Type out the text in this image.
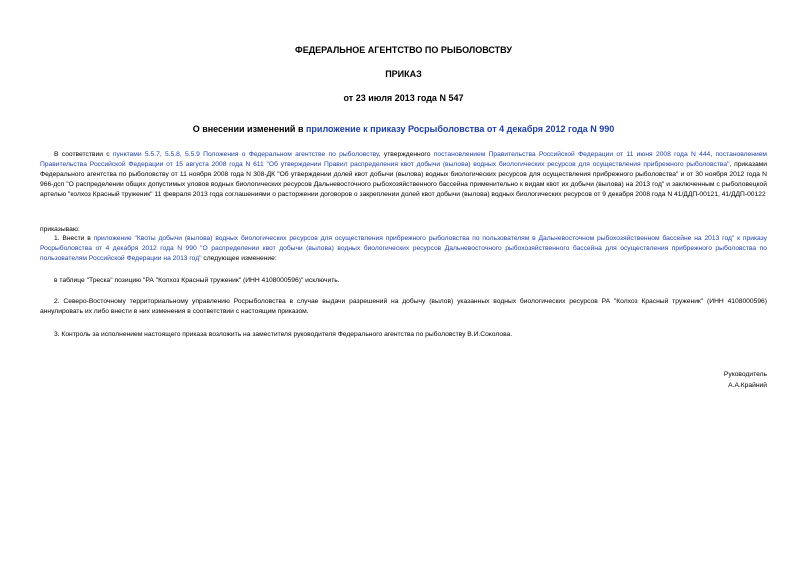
ФЕДЕРАЛЬНОЕ АГЕНТСТВО ПО РЫБОЛОВСТВУ
ПРИКАЗ
от 23 июля 2013 года N 547
О внесении изменений в приложение к приказу Росрыболовства от 4 декабря 2012 года N 990
В соответствии с пунктами 5.5.7, 5.5.8, 5.5.9 Положения о Федеральном агентстве по рыболовству, утвержденного постановлением Правительства Российской Федерации от 11 июня 2008 года N 444, постановлением Правительства Российской Федерации от 15 августа 2008 года N 611 "Об утверждении Правил распределения квот добычи (вылова) водных биологических ресурсов для осуществления прибрежного рыболовства", приказами Федерального агентства по рыболовству от 11 ноября 2008 года N 308-ДК "Об утверждении долей квот добычи (вылова) водных биологических ресурсов для осуществления прибрежного рыболовства" и от 30 ноября 2012 года N 966-дсп "О распределении общих допустимых уловов водных биологических ресурсов Дальневосточного рыбохозяйственного бассейна применительно к видам квот их добычи (вылова) на 2013 год" и заключенным с рыболовецкой артелью "колхоз Красный труженик" 11 февраля 2013 года соглашениями о расторжении договоров о закреплении долей квот добычи (вылова) водных биологических ресурсов от 9 декабря 2008 года N 41/ДДП-00121, 41/ДДП-00122
приказываю:
1. Внести в приложение "Квоты добычи (вылова) водных биологических ресурсов для осуществления прибрежного рыболовства по пользователям в Дальневосточном рыбохозяйственном бассейне на 2013 год" к приказу Росрыболовства от 4 декабря 2012 года N 990 "О распределении квот добычи (вылова) водных биологических ресурсов Дальневосточного рыбохозяйственного бассейна для осуществления прибрежного рыболовства по пользователям Российской Федерации на 2013 год" следующее изменение:
в таблице "Треска" позицию "РА "Колхоз Красный труженик" (ИНН 4108000596)" исключить.
2. Северо-Восточному территориальному управлению Росрыболовства в случае выдачи разрешений на добычу (вылов) указанных водных биологических ресурсов РА "Колхоз Красный труженик" (ИНН 4108000596) аннулировать их либо внести в них изменения в соответствии с настоящим приказом.
3. Контроль за исполнением настоящего приказа возложить на заместителя руководителя Федерального агентства по рыболовству В.И.Соколова.
Руководитель
А.А.Крайний
